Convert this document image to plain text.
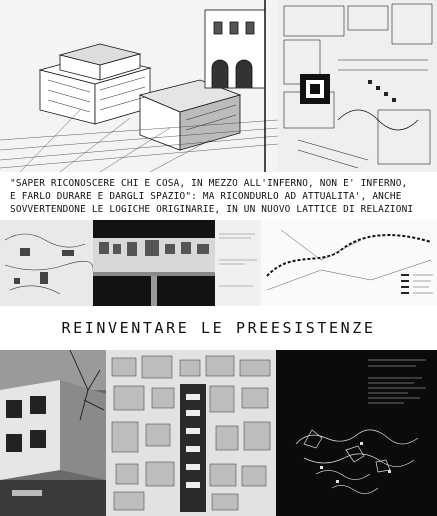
"SAPER RICONOSCERE CHI E COSA, IN MEZZO ALL'INFERNO, NON E' INFERNO,
E FARLO DURARE E DARGLI SPAZIO": MA RICONDURLO AD ATTUALITA', ANCHE
SOVVERTENDONE LE LOGICHE ORIGINARIE, IN UN NUOVO LATTICE DI RELAZIONI
REINVENTARE LE PREESISTENZE
